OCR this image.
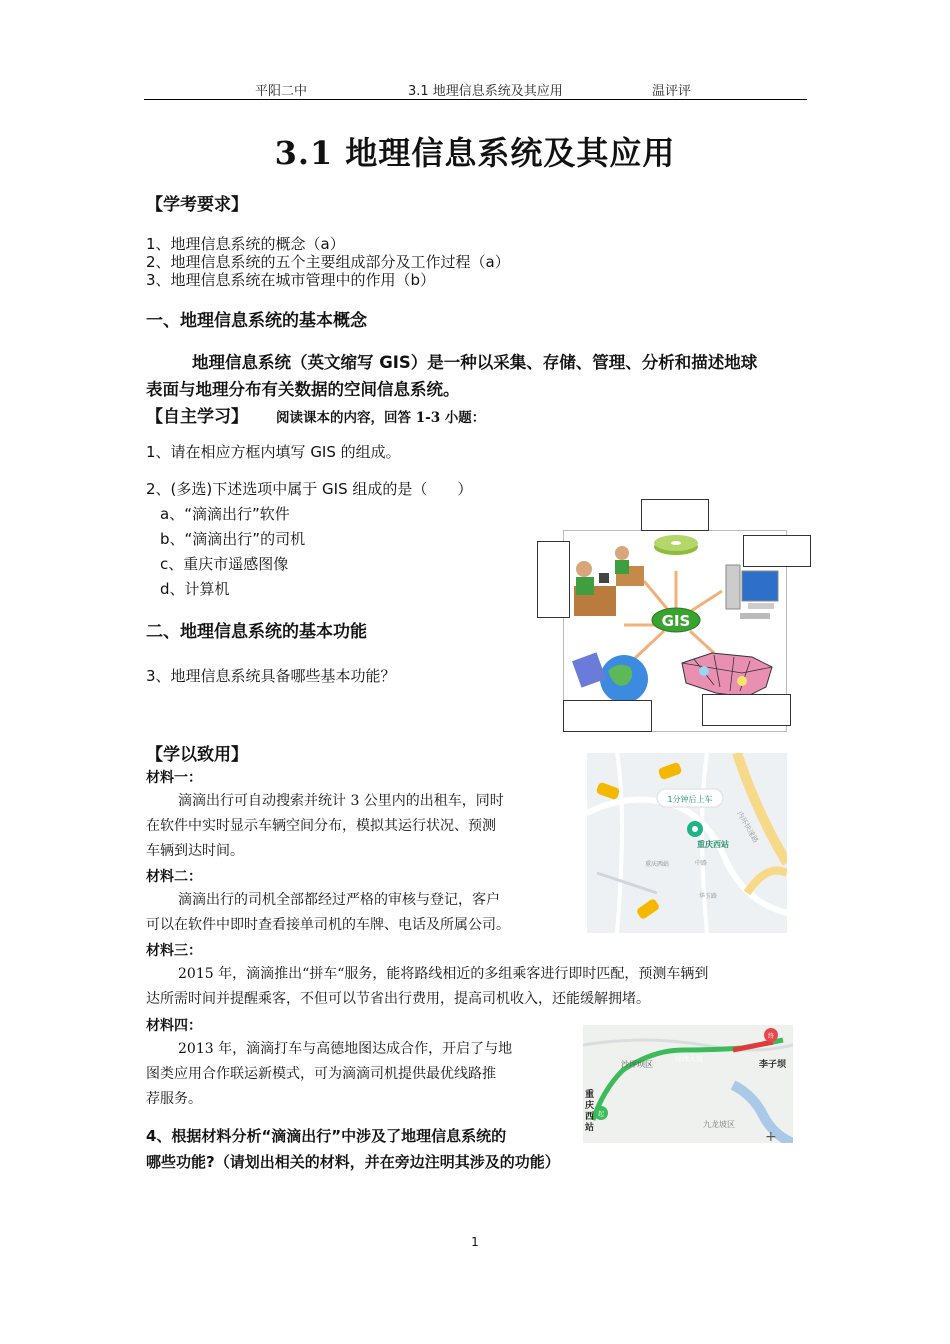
平阳二中	3.1 地理信息系统及其应用	温评评
3.1 地理信息系统及其应用
【学考要求】
1、地理信息系统的概念（a）
2、地理信息系统的五个主要组成部分及工作过程（a）
3、地理信息系统在城市管理中的作用（b）
一、地理信息系统的基本概念
地理信息系统（英文缩写 GIS）是一种以采集、存储、管理、分析和描述地球
表面与地理分布有关数据的空间信息系统。
【自主学习】 阅读课本的内容，回答 1-3 小题：
1、请在相应方框内填写 GIS 的组成。
2、(多选)下述选项中属于 GIS 组成的是（　　）
a、“滴滴出行”软件
b、“滴滴出行”的司机
c、重庆市遥感图像
d、计算机
二、地理信息系统的基本功能
3、地理信息系统具备哪些基本功能？
GIS
【学以致用】
材料一：
滴滴出行可自动搜索并统计 3 公里内的出租车，同时
在软件中实时显示车辆空间分布，模拟其运行状况、预测
车辆到达时间。
材料二：
滴滴出行的司机全部都经过严格的审核与登记，客户
可以在软件中即时查看接单司机的车牌、电话及所属公司。
材料三：
2015 年，滴滴推出“拼车“服务，能将路线相近的多组乘客进行即时匹配，预测车辆到
达所需时间并提醒乘客，不但可以节省出行费用，提高司机收入，还能缓解拥堵。
材料四：
2013 年，滴滴打车与高德地图达成合作，开启了与地
图类应用合作联运新模式，可为滴滴司机提供最优线路推
荐服务。
4、根据材料分析“滴滴出行”中涉及了地理信息系统的
哪些功能?（请划出相关的材料，并在旁边注明其涉及的功能）
1分钟后上车
重庆西站
重庆西站
内环快速路
华玉路
中路
沙坪坝区
九龙坡区
经纬大道
李子坝
终
起
重
庆
西
站
+
1
